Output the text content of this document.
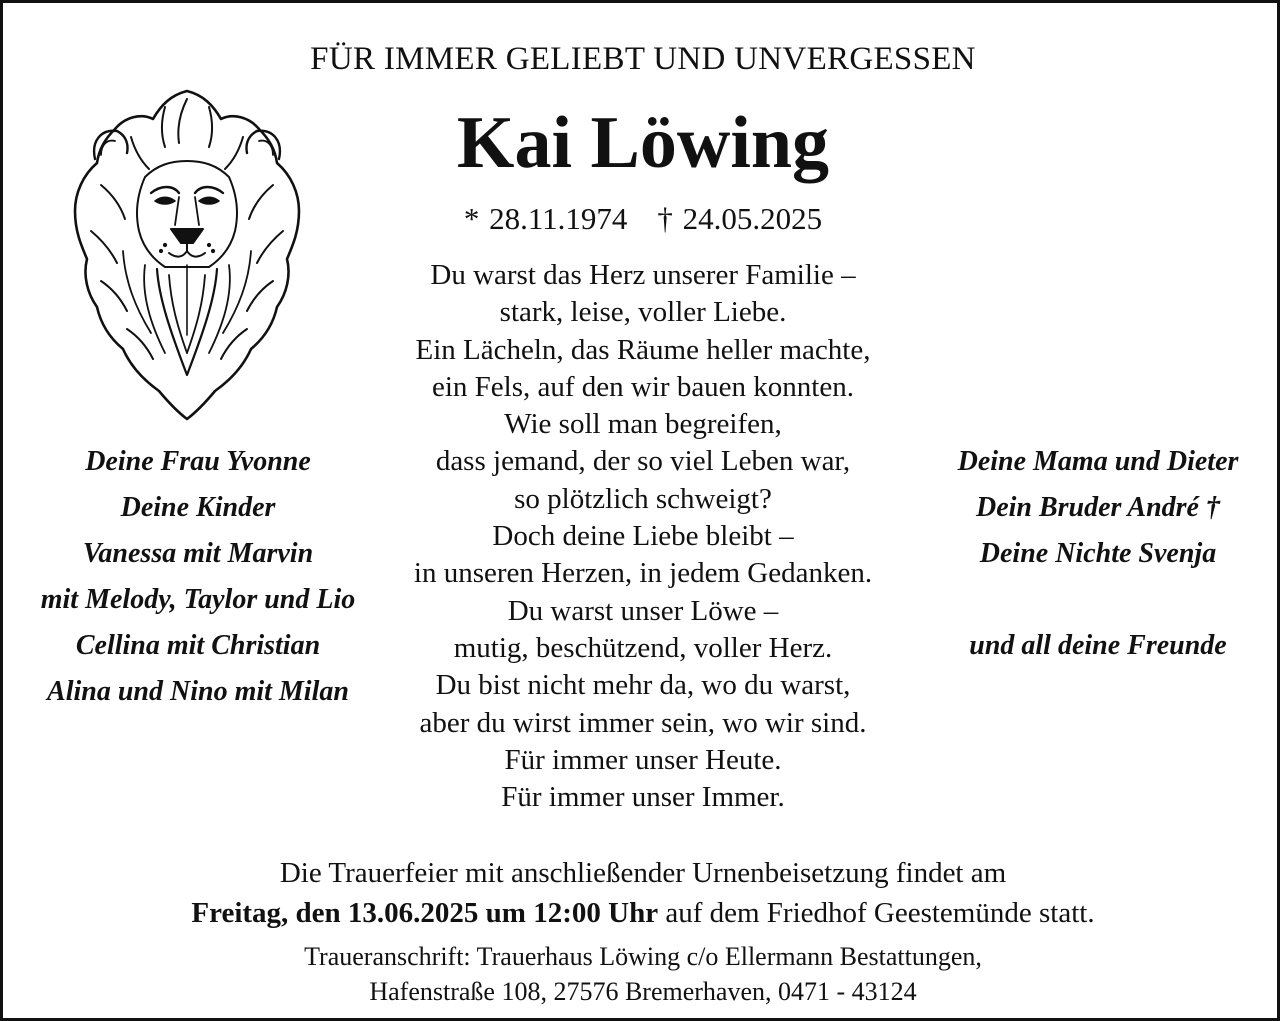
FÜR IMMER GELIEBT UND UNVERGESSEN
Kai Löwing
* 28.11.1974 † 24.05.2025
Du warst das Herz unserer Familie –
stark, leise, voller Liebe.
Ein Lächeln, das Räume heller machte,
ein Fels, auf den wir bauen konnten.
Wie soll man begreifen,
dass jemand, der so viel Leben war,
so plötzlich schweigt?
Doch deine Liebe bleibt –
in unseren Herzen, in jedem Gedanken.
Du warst unser Löwe –
mutig, beschützend, voller Herz.
Du bist nicht mehr da, wo du warst,
aber du wirst immer sein, wo wir sind.
Für immer unser Heute.
Für immer unser Immer.
Deine Frau Yvonne
Deine Kinder
Vanessa mit Marvin
mit Melody, Taylor und Lio
Cellina mit Christian
Alina und Nino mit Milan
Deine Mama und Dieter
Dein Bruder André †
Deine Nichte Svenja
und all deine Freunde
Die Trauerfeier mit anschließender Urnenbeisetzung findet am
Freitag, den 13.06.2025 um 12:00 Uhr auf dem Friedhof Geestemünde statt.
Traueranschrift: Trauerhaus Löwing c/o Ellermann Bestattungen,
Hafenstraße 108, 27576 Bremerhaven, 0471 - 43124
